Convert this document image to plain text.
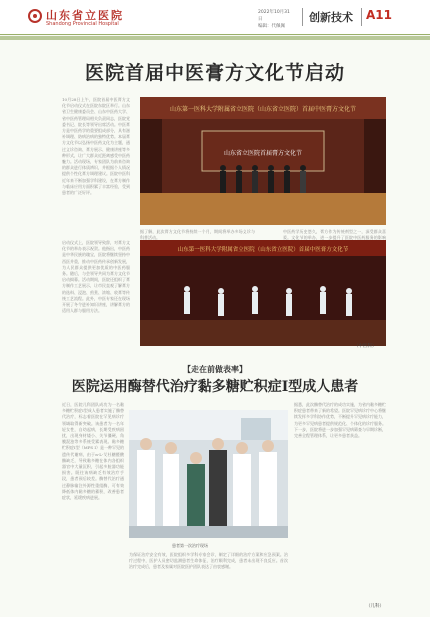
山东省立医院
Shandong Provincial Hospital
2022年10月31日
编辑：代佩佩
创新技术 A11
医院首届中医膏方文化节启动
10月28日上午，医院首届中医膏方文化节启动仪式在医院东院区举行。山东省卫生健康委员会、山东中医药大学、省中医药管理局相关负责同志，医院党委书记、院长等领导出席活动。中医膏方是中医药学的重要组成部分，具有滋补调理、防病治病的独特优势。本届膏方文化节以弘扬中医药文化为主题，通过义诊咨询、膏方展示、健康讲座等多种形式，让广大群众近距离感受中医药魅力。活动现场，专家团队为前来咨询的群众进行体质辨识，并根据个人情况提供个性化膏方调理建议。医院中医科近年来不断加强学科建设，在膏方制作与临床应用方面积累了丰富经验，受到患者的广泛好评。
启动仪式上，医院领导致辞，对膏方文化节的举办表示祝贺。他指出，中医药是中华民族的瑰宝，医院将继续坚持中西医并重，推动中医药传承创新发展，为人民群众提供更加优质的中医药服务。随后，与会领导共同为膏方文化节启动揭幕。活动期间，医院还组织了膏方制作工艺展示，让市民直观了解膏方的选料、浸泡、煎煮、浓缩、收膏等传统工艺流程。此外，中医专家还在现场开展了冬令进补知识讲座，讲解膏方的适用人群与服用方法。
据了解，此次膏方文化节将持续一个月，期间将举办多场义诊与科普活动。
中医药学历史悠久，膏方作为传统剂型之一，深受群众喜爱。文化节的举办，进一步提升了医院中医药服务的影响
山东第一医科大学附属省立医院（山东省立医院）首届中医膏方文化节
山东省立医院首届膏方文化节
山东第一医科大学附属省立医院（山东省立医院）首届中医膏方文化节
（中医科）
【走在前做表率】
医院运用酶替代治疗黏多糖贮积症Ⅰ型成人患者
近日，医院儿科团队成功为一名黏多糖贮积症Ⅰ型成人患者实施了酶替代治疗，标志着医院在罕见病诊疗领域取得新突破。该患者为一名年轻女性，自幼起病，长期受疾病困扰，出现身材矮小、关节僵硬、角膜混浊等多系统受累表现。黏多糖贮积症Ⅰ型（MPS I）是一种罕见的遗传代谢病，由于α-L-艾杜糖醛酸酶缺乏，导致黏多糖在体内各组织器官中大量沉积，引起多脏器功能损害。既往该病缺乏有效治疗手段，患者预后较差。酶替代治疗通过静脉输注外源性重组酶，可有效降低体内黏多糖的蓄积，改善患者症状，延缓疾病进展。
为保证治疗安全有效，医院组织多学科专家会诊，制定了详细的治疗方案和应急预案。治疗过程中，医护人员密切监测患者生命体征，治疗顺利完成，患者未出现不良反应。首次治疗完成后，患者及家属对医院医护团队表达了由衷感谢。
据悉，此次酶替代治疗的成功实施，为省内黏多糖贮积症患者带来了新的希望。医院罕见病诊疗中心将继续发挥多学科协作优势，不断提升罕见病诊疗能力，为更多罕见病患者提供规范化、个体化的诊疗服务。下一步，医院将进一步加强罕见病筛查与早期诊断，完善全程管理体系，让更多患者获益。
患者第一次治疗现场
（儿科）
